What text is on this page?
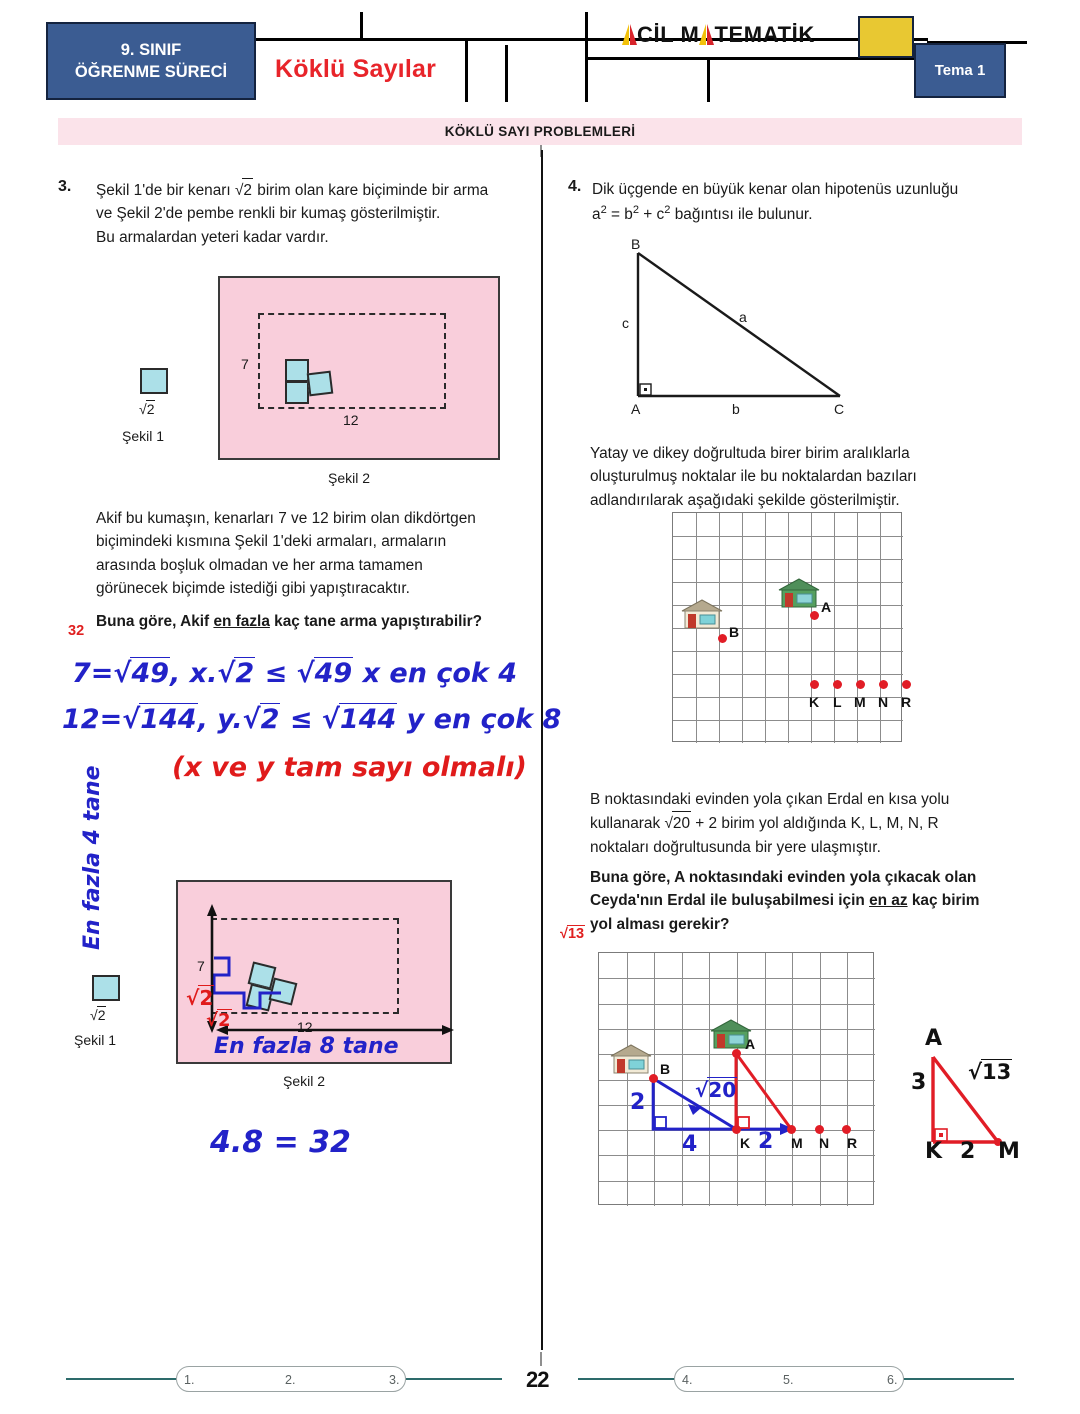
9. SINIF
ÖĞRENME SÜRECİ Köklü Sayılar
CİL M TEMATİK
Tema 1
KÖKLÜ SAYI PROBLEMLERİ
3. Şekil 1'de bir kenarı √2 birim olan kare biçiminde bir arma
ve Şekil 2'de pembe renkli bir kumaş gösterilmiştir.
Bu armalardan yeteri kadar vardır.
√2
Şekil 1
7
12
Şekil 2
Akif bu kumaşın, kenarları 7 ve 12 birim olan dikdörtgen
biçimindeki kısmına Şekil 1'deki armaları, armaların
arasında boşluk olmadan ve her arma tamamen
görünecek biçimde istediği gibi yapıştıracaktır.
Buna göre, Akif en fazla kaç tane arma yapıştırabilir?
32
7=√49, x.√2 ≤ √49 x en çok 4
12=√144, y.√2 ≤ √144 y en çok 8
(x ve y tam sayı olmalı)
√2
Şekil 1
7
12
Şekil 2
√2
√2
En fazla 4 tane
En fazla 8 tane
4.8 = 32
4. Dik üçgende en büyük kenar olan hipotenüs uzunluğu
$a^2 = b^2 + c^2$ bağıntısı ile bulunur.
B
A	C
c
b
a
Yatay ve dikey doğrultuda birer birim aralıklarla
oluşturulmuş noktalar ile bu noktalardan bazıları
adlandırılarak aşağıdaki şekilde gösterilmiştir.
A
B
K L M N R
B noktasındaki evinden yola çıkan Erdal en kısa yolu
kullanarak √20 + 2 birim yol aldığında K, L, M, N, R
noktaları doğrultusunda bir yere ulaşmıştır.
Buna göre, A noktasındaki evinden yola çıkacak olan
Ceyda'nın Erdal ile buluşabilmesi için en az kaç birim
yol alması gerekir?
√13
A
B
K	M N R
2
4
√20
2
A
K	M
3
2
√13
1.	2.	3.	22	4.	5.	6.
